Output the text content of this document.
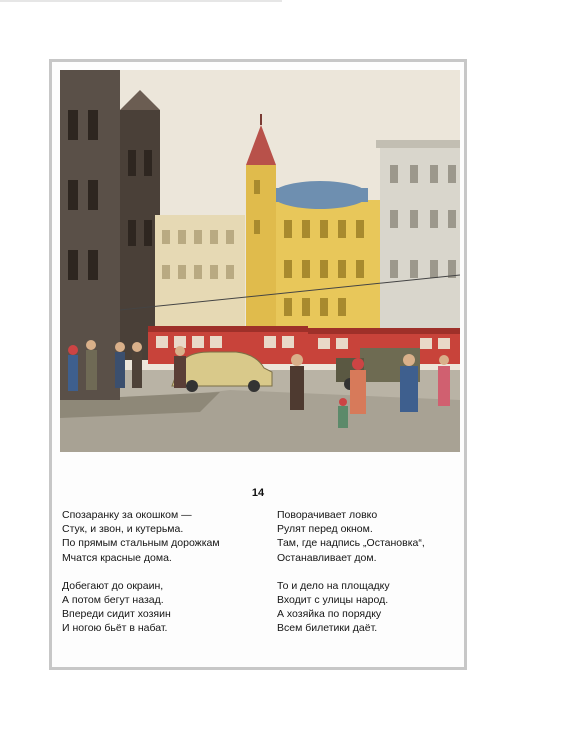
14
Спозаранку за окошком —
Стук, и звон, и кутерьма.
По прямым стальным дорожкам
Мчатся красные дома.
Добегают до окраин,
А потом бегут назад.
Впереди сидит хозяин
И ногою бьёт в набат.
Поворачивает ловко
Рулят перед окном.
Там, где надпись „Остановка“,
Останавливает дом.
То и дело на площадку
Входит с улицы народ.
А хозяйка по порядку
Всем билетики даёт.
